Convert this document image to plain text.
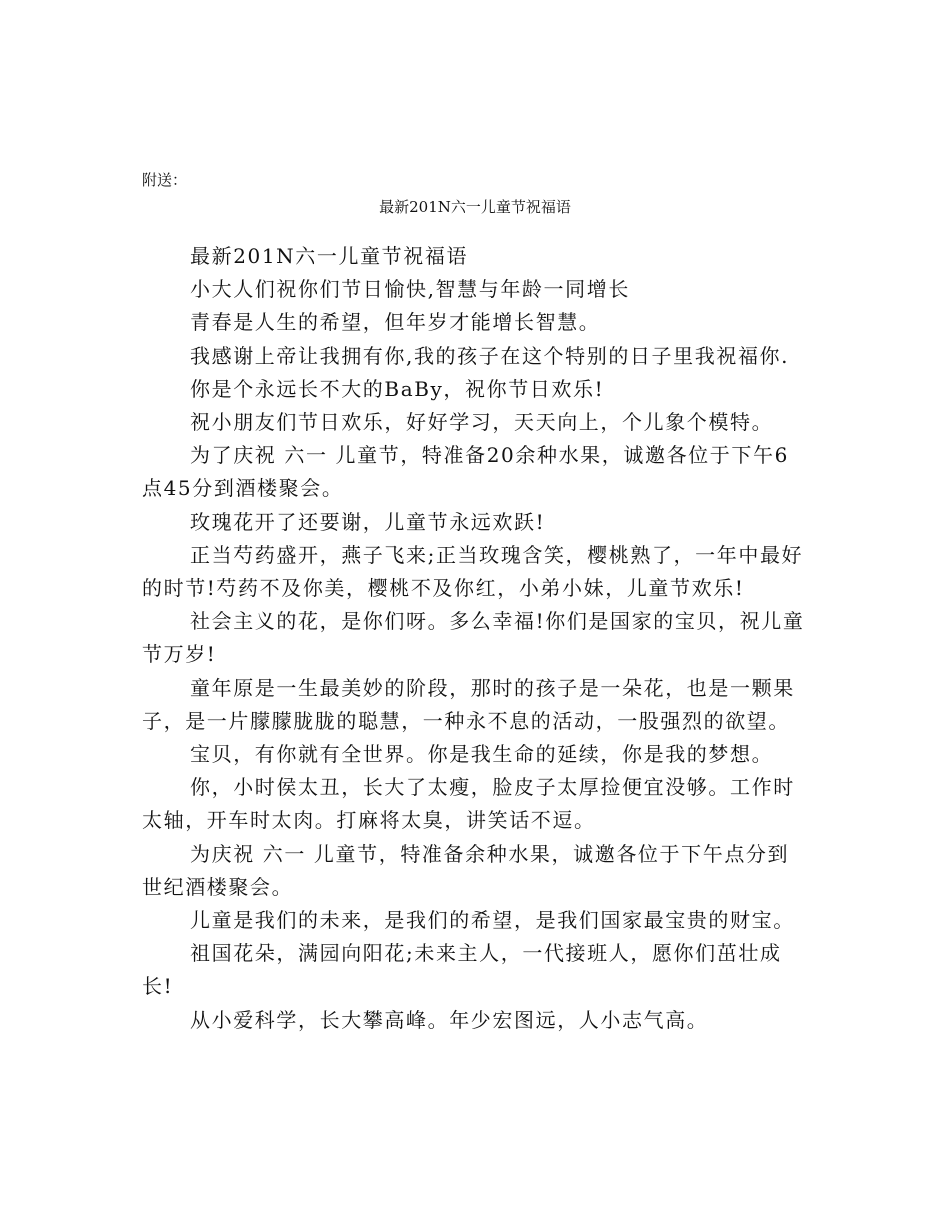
附送：

最新201N六一儿童节祝福语

最新201N六一儿童节祝福语

小大人们祝你们节日愉快,智慧与年龄一同增长

青春是人生的希望，但年岁才能增长智慧。

我感谢上帝让我拥有你,我的孩子在这个特别的日子里我祝福你.

你是个永远长不大的BaBy，祝你节日欢乐!

祝小朋友们节日欢乐，好好学习，天天向上，个儿象个模特。

为了庆祝 六一 儿童节，特准备20余种水果，诚邀各位于下午6点45分到酒楼聚会。

玫瑰花开了还要谢，儿童节永远欢跃!

正当芍药盛开，燕子飞来;正当玫瑰含笑，樱桃熟了，一年中最好的时节!芍药不及你美，樱桃不及你红，小弟小妹，儿童节欢乐!

社会主义的花，是你们呀。多么幸福!你们是国家的宝贝，祝儿童节万岁!

童年原是一生最美妙的阶段，那时的孩子是一朵花，也是一颗果子，是一片朦朦胧胧的聪慧，一种永不息的活动，一股强烈的欲望。

宝贝，有你就有全世界。你是我生命的延续，你是我的梦想。

你，小时侯太丑，长大了太瘦，脸皮子太厚捡便宜没够。工作时太轴，开车时太肉。打麻将太臭，讲笑话不逗。

为庆祝 六一 儿童节，特准备余种水果，诚邀各位于下午点分到世纪酒楼聚会。

儿童是我们的未来，是我们的希望，是我们国家最宝贵的财宝。

祖国花朵，满园向阳花;未来主人，一代接班人，愿你们茁壮成长!

从小爱科学，长大攀高峰。年少宏图远，人小志气高。
